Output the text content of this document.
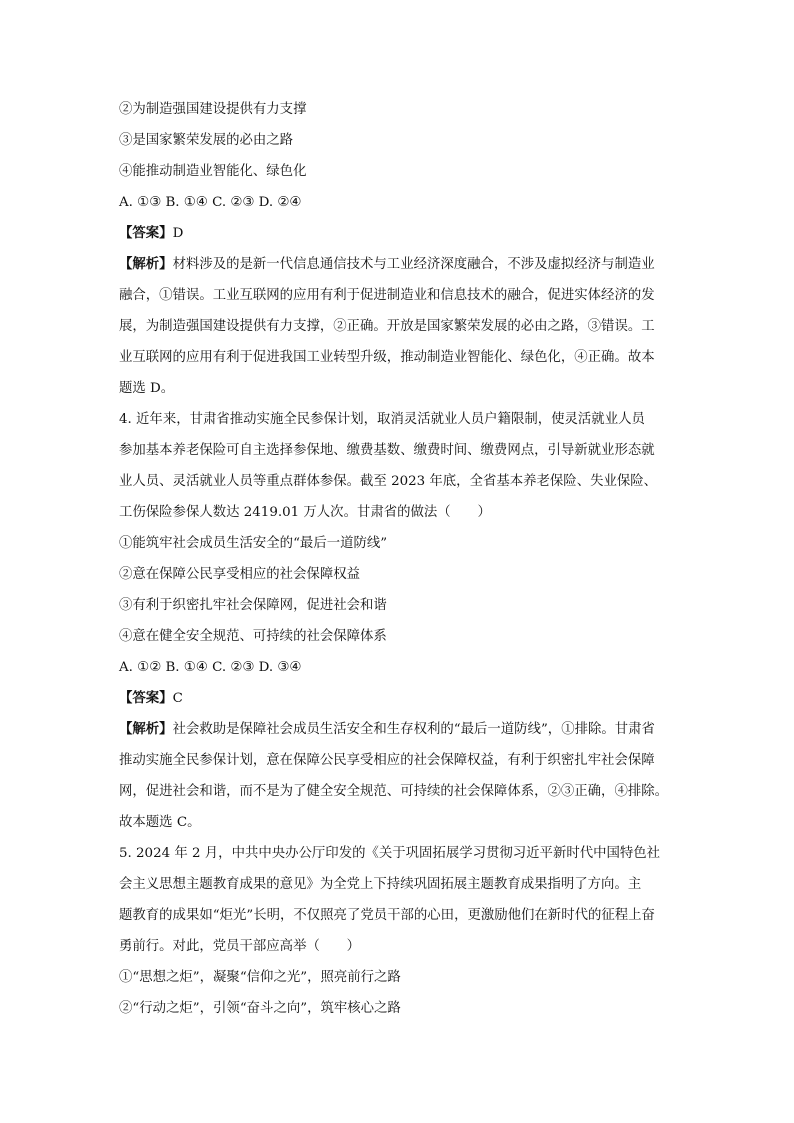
②为制造强国建设提供有力支撑
③是国家繁荣发展的必由之路
④能推动制造业智能化、绿色化
A. ①③ B. ①④ C. ②③ D. ②④
【答案】D
【解析】材料涉及的是新一代信息通信技术与工业经济深度融合，不涉及虚拟经济与制造业
融合，①错误。工业互联网的应用有利于促进制造业和信息技术的融合，促进实体经济的发
展，为制造强国建设提供有力支撑，②正确。开放是国家繁荣发展的必由之路，③错误。工
业互联网的应用有利于促进我国工业转型升级，推动制造业智能化、绿色化，④正确。故本
题选 D。
4. 近年来，甘肃省推动实施全民参保计划，取消灵活就业人员户籍限制，使灵活就业人员
参加基本养老保险可自主选择参保地、缴费基数、缴费时间、缴费网点，引导新就业形态就
业人员、灵活就业人员等重点群体参保。截至 2023 年底，全省基本养老保险、失业保险、
工伤保险参保人数达 2419.01 万人次。甘肃省的做法（　　）
①能筑牢社会成员生活安全的“最后一道防线”
②意在保障公民享受相应的社会保障权益
③有利于织密扎牢社会保障网，促进社会和谐
④意在健全安全规范、可持续的社会保障体系
A. ①② B. ①④ C. ②③ D. ③④
【答案】C
【解析】社会救助是保障社会成员生活安全和生存权利的“最后一道防线”，①排除。甘肃省
推动实施全民参保计划，意在保障公民享受相应的社会保障权益，有利于织密扎牢社会保障
网，促进社会和谐，而不是为了健全安全规范、可持续的社会保障体系，②③正确，④排除。
故本题选 C。
5. 2024 年 2 月，中共中央办公厅印发的《关于巩固拓展学习贯彻习近平新时代中国特色社
会主义思想主题教育成果的意见》为全党上下持续巩固拓展主题教育成果指明了方向。主
题教育的成果如“炬光”长明，不仅照亮了党员干部的心田，更激励他们在新时代的征程上奋
勇前行。对此，党员干部应高举（　　）
①“思想之炬”，凝聚“信仰之光”，照亮前行之路
②“行动之炬”，引领“奋斗之向”，筑牢核心之路
